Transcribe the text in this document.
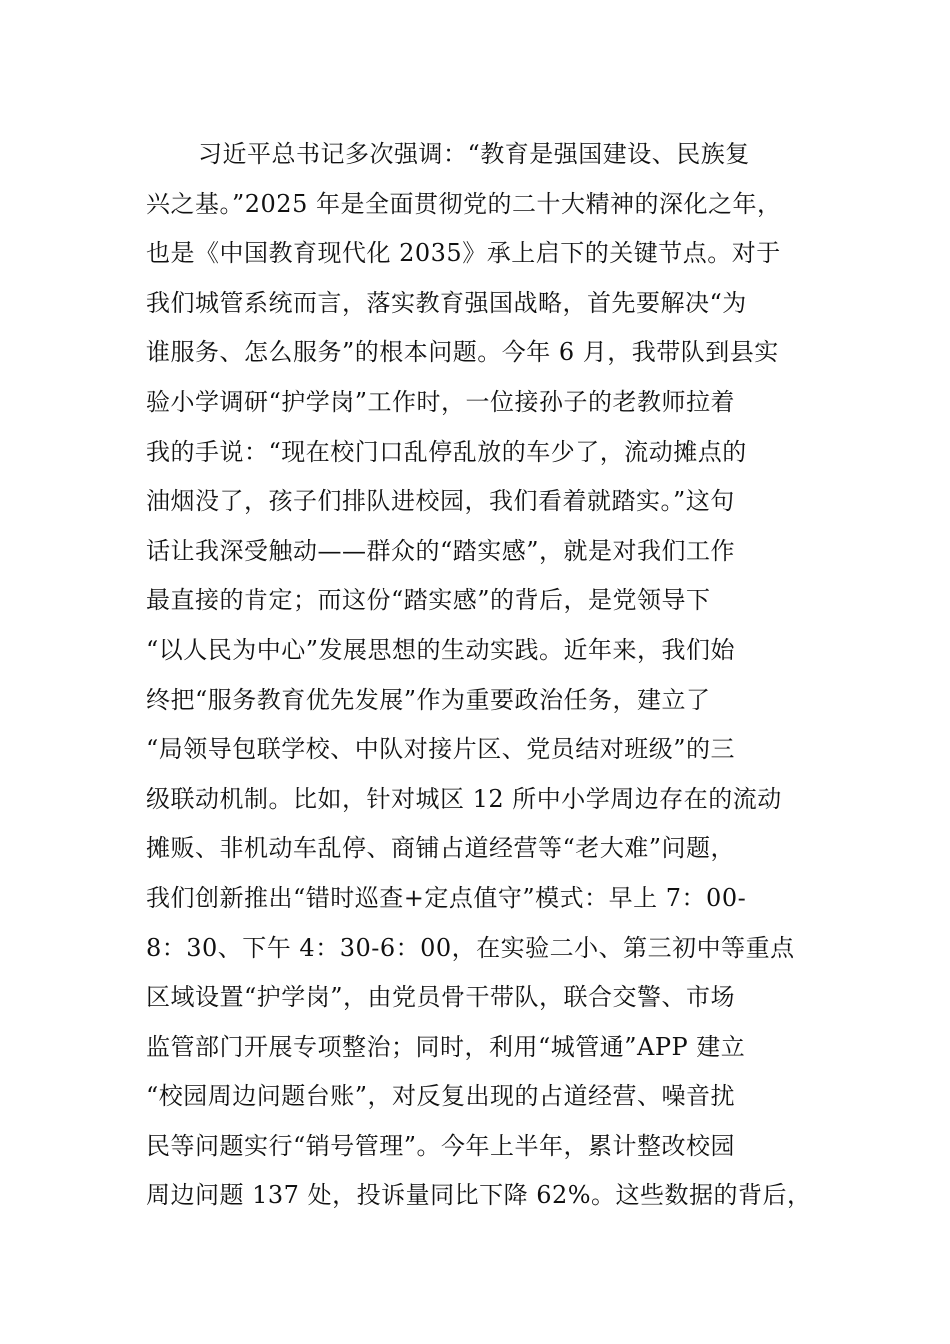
习近平总书记多次强调：“教育是强国建设、民族复
兴之基。”2025 年是全面贯彻党的二十大精神的深化之年，
也是《中国教育现代化 2035》承上启下的关键节点。对于
我们城管系统而言，落实教育强国战略，首先要解决“为
谁服务、怎么服务”的根本问题。今年 6 月，我带队到县实
验小学调研“护学岗”工作时，一位接孙子的老教师拉着
我的手说：“现在校门口乱停乱放的车少了，流动摊点的
油烟没了，孩子们排队进校园，我们看着就踏实。”这句
话让我深受触动——群众的“踏实感”，就是对我们工作
最直接的肯定；而这份“踏实感”的背后，是党领导下
“以人民为中心”发展思想的生动实践。近年来，我们始
终把“服务教育优先发展”作为重要政治任务，建立了
“局领导包联学校、中队对接片区、党员结对班级”的三
级联动机制。比如，针对城区 12 所中小学周边存在的流动
摊贩、非机动车乱停、商铺占道经营等“老大难”问题，
我们创新推出“错时巡查+定点值守”模式：早上 7：00-
8：30、下午 4：30-6：00，在实验二小、第三初中等重点
区域设置“护学岗”，由党员骨干带队，联合交警、市场
监管部门开展专项整治；同时，利用“城管通”APP 建立
“校园周边问题台账”，对反复出现的占道经营、噪音扰
民等问题实行“销号管理”。今年上半年，累计整改校园
周边问题 137 处，投诉量同比下降 62%。这些数据的背后，
